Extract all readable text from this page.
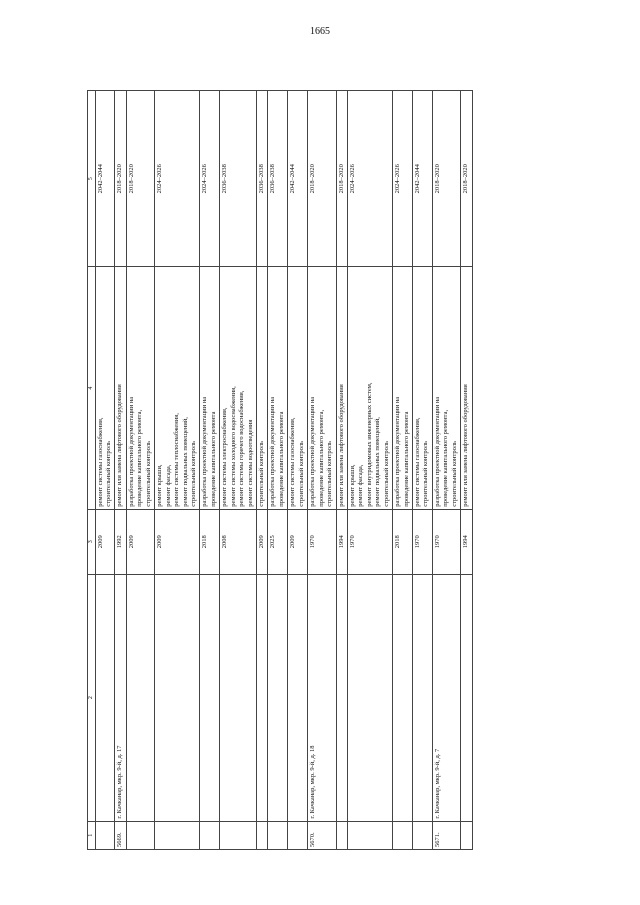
1665
1	2	3	4	5
		2009	ремонт системы газоснабжения, строительный контроль	2042–2044
5669.	г. Качканар, мкр. 9-й, д. 17	1992	ремонт или замена лифтового оборудования	2018–2020
		2009	разработка проектной документации на проведение капитального ремонта, строительный контроль	2018–2020
		2009	ремонт крыши, ремонт фасада, ремонт системы теплоснабжения, ремонт подвальных помещений, строительный контроль	2024–2026
		2018	разработка проектной документации на проведение капитального ремонта	2024–2026
		2008	ремонт системы электроснабжения, ремонт системы холодного водоснабжения, ремонт системы горячего водоснабжения, ремонт системы водоотведения	2036–2038
		2009	строительный контроль	2036–2038
		2025	разработка проектной документации на проведение капитального ремонта	2036–2038
		2009	ремонт системы газоснабжения, строительный контроль	2042–2044
5670.	г. Качканар, мкр. 9-й, д. 18	1970	разработка проектной документации на проведение капитального ремонта, строительный контроль	2018–2020
		1994	ремонт или замена лифтового оборудования	2018–2020
		1970	ремонт крыши, ремонт фасада, ремонт внутридомовых инженерных систем, ремонт подвальных помещений, строительный контроль	2024–2026
		2018	разработка проектной документации на проведение капитального ремонта	2024–2026
		1970	ремонт системы газоснабжения, строительный контроль	2042–2044
5671.	г. Качканар, мкр. 9-й, д. 7	1970	разработка проектной документации на проведение капитального ремонта, строительный контроль	2018–2020
		1994	ремонт или замена лифтового оборудования	2018–2020
